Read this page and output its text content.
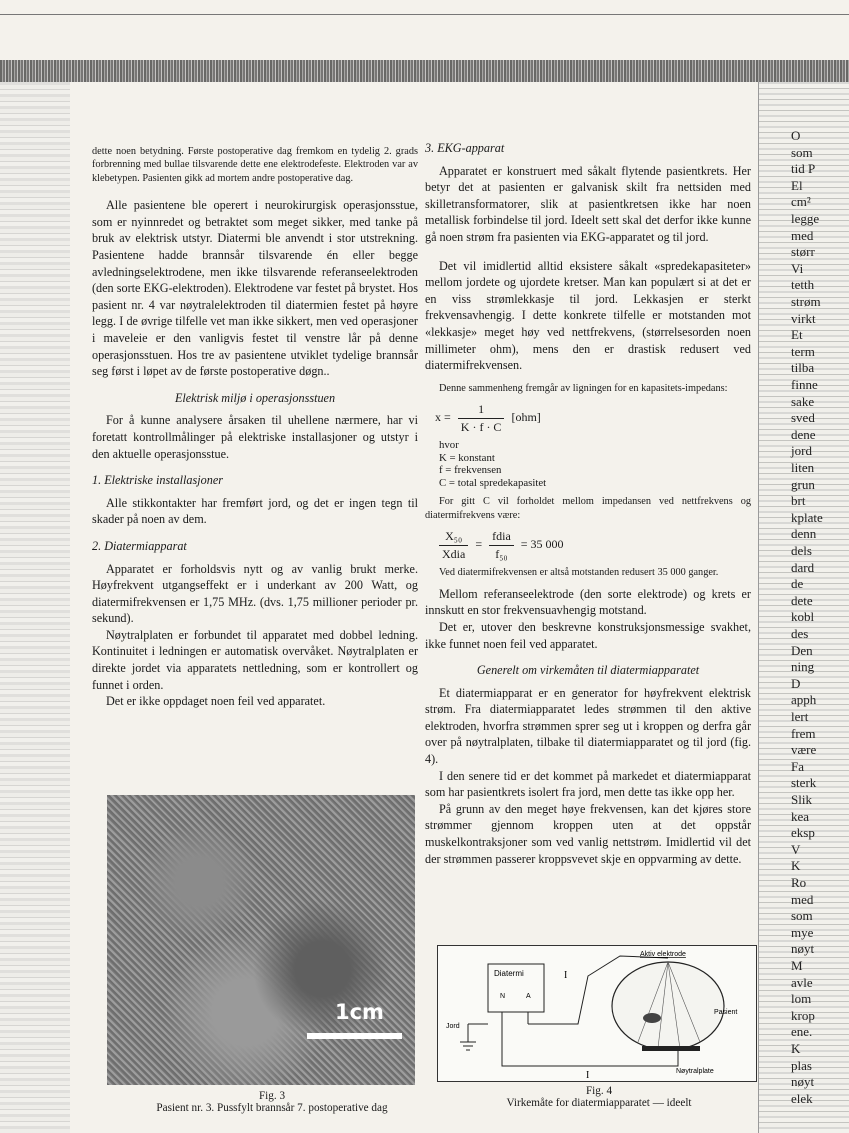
O
som
tid P
El
cm²
legge
med
størr
Vi
tetth
strøm
virkt
Et
term
tilba
finne
sake
sved
dene
jord
liten
grun
brt
kplate
denn
dels
dard
de
dete
kobl
des
Den
ning
D
apph
lert
frem
være
Fa
sterk
Slik
kea
eksp
V
K
Ro
med
som
mye
nøyt
M
avle
lom
krop
ene.
K
plas
nøyt
elek

dette noen betydning. Første postoperative dag fremkom en tydelig 2. grads forbrenning med bullae tilsvarende dette ene elektrodefeste. Elektroden var av klebetypen. Pasienten gikk ad mortem andre postoperative dag.

Alle pasientene ble operert i neurokirurgisk operasjonsstue, som er nyinnredet og betraktet som meget sikker, med tanke på bruk av elektrisk utstyr. Diatermi ble anvendt i stor utstrekning. Pasientene hadde brannsår tilsvarende én eller begge avledningselektrodene, men ikke tilsvarende referanseelektroden (den sorte EKG-elektroden). Elektrodene var festet på brystet. Hos pasient nr. 4 var nøytralelektroden til diatermien festet på høyre legg. I de øvrige tilfelle vet man ikke sikkert, men ved operasjoner i maveleie er den vanligvis festet til venstre lår på denne operasjonsstuen. Hos tre av pasientene utviklet tydelige brannsår seg først i løpet av de første postoperative døgn..

Elektrisk miljø i operasjonsstuen

For å kunne analysere årsaken til uhellene nærmere, har vi foretatt kontrollmålinger på elektriske installasjoner og utstyr i den aktuelle operasjonsstue.

1. Elektriske installasjoner

Alle stikkontakter har fremført jord, og det er ingen tegn til skader på noen av dem.

2. Diatermiapparat

Apparatet er forholdsvis nytt og av vanlig brukt merke. Høyfrekvent utgangseffekt er i underkant av 200 Watt, og diatermifrekvensen er 1,75 MHz. (dvs. 1,75 millioner perioder pr. sekund).

Nøytralplaten er forbundet til apparatet med dobbel ledning. Kontinuitet i ledningen er automatisk overvåket. Nøytralplaten er direkte jordet via apparatets nettledning, som er kontrollert og funnet i orden.

Det er ikke oppdaget noen feil ved apparatet.

1cm
Fig. 3
Pasient nr. 3. Pussfylt brannsår 7. postoperative dag

3. EKG-apparat

Apparatet er konstruert med såkalt flytende pasientkrets. Her betyr det at pasienten er galvanisk skilt fra nettsiden med skilletransformatorer, slik at pasientkretsen ikke har noen metallisk forbindelse til jord. Ideelt sett skal det derfor ikke kunne gå noen strøm fra pasienten via EKG-apparatet og til jord.

Det vil imidlertid alltid eksistere såkalt «spredekapasiteter» mellom jordete og ujordete kretser. Man kan populært si at det er en viss strømlekkasje til jord. Lekkasjen er sterkt frekvensavhengig. I dette konkrete tilfelle er motstanden mot «lekkasje» meget høy ved nettfrekvens, (størrelsesorden noen millimeter ohm), mens den er drastisk redusert ved diatermifrekvensen.

Denne sammenheng fremgår av ligningen for en kapasitets-impedans:

$x = \frac{1}{K \cdot f \cdot C} [ohm]$
hvor
K = konstant
f = frekvensen
C = total spredekapasitet

For gitt C vil forholdet mellom impedansen ved nettfrekvens og diatermifrekvens være:

$\frac{\text{X₅₀}}{\text{Xdia}} = \frac{\text{fdia}}{\text{f₅₀}} = 35$ 000

Ved diatermifrekvensen er altså motstanden redusert 35 000 ganger.

Mellom referanseelektrode (den sorte elektrode) og krets er innskutt en stor frekvensuavhengig motstand.

Det er, utover den beskrevne konstruksjonsmessige svakhet, ikke funnet noen feil ved apparatet.

Generelt om virkemåten til diatermiapparatet

Et diatermiapparat er en generator for høyfrekvent elektrisk strøm. Fra diatermiapparatet ledes strømmen til den aktive elektroden, hvorfra strømmen sprer seg ut i kroppen og derfra går over på nøytralplaten, tilbake til diatermiapparatet og til jord (fig. 4).

I den senere tid er det kommet på markedet et diatermiapparat som har pasientkrets isolert fra jord, men dette tas ikke opp her.

På grunn av den meget høye frekvensen, kan det kjøres store strømmer gjennom kroppen uten at det oppstår muskelkontraksjoner som ved vanlig nettstrøm. Imidlertid vil det der strømmen passerer kroppsvevet skje en oppvarming av dette.

Diatermi
N	A
Jord
I
I
Aktiv elektrode
Pasient
Nøytralplate
Fig. 4
Virkemåte for diatermiapparatet — ideelt
